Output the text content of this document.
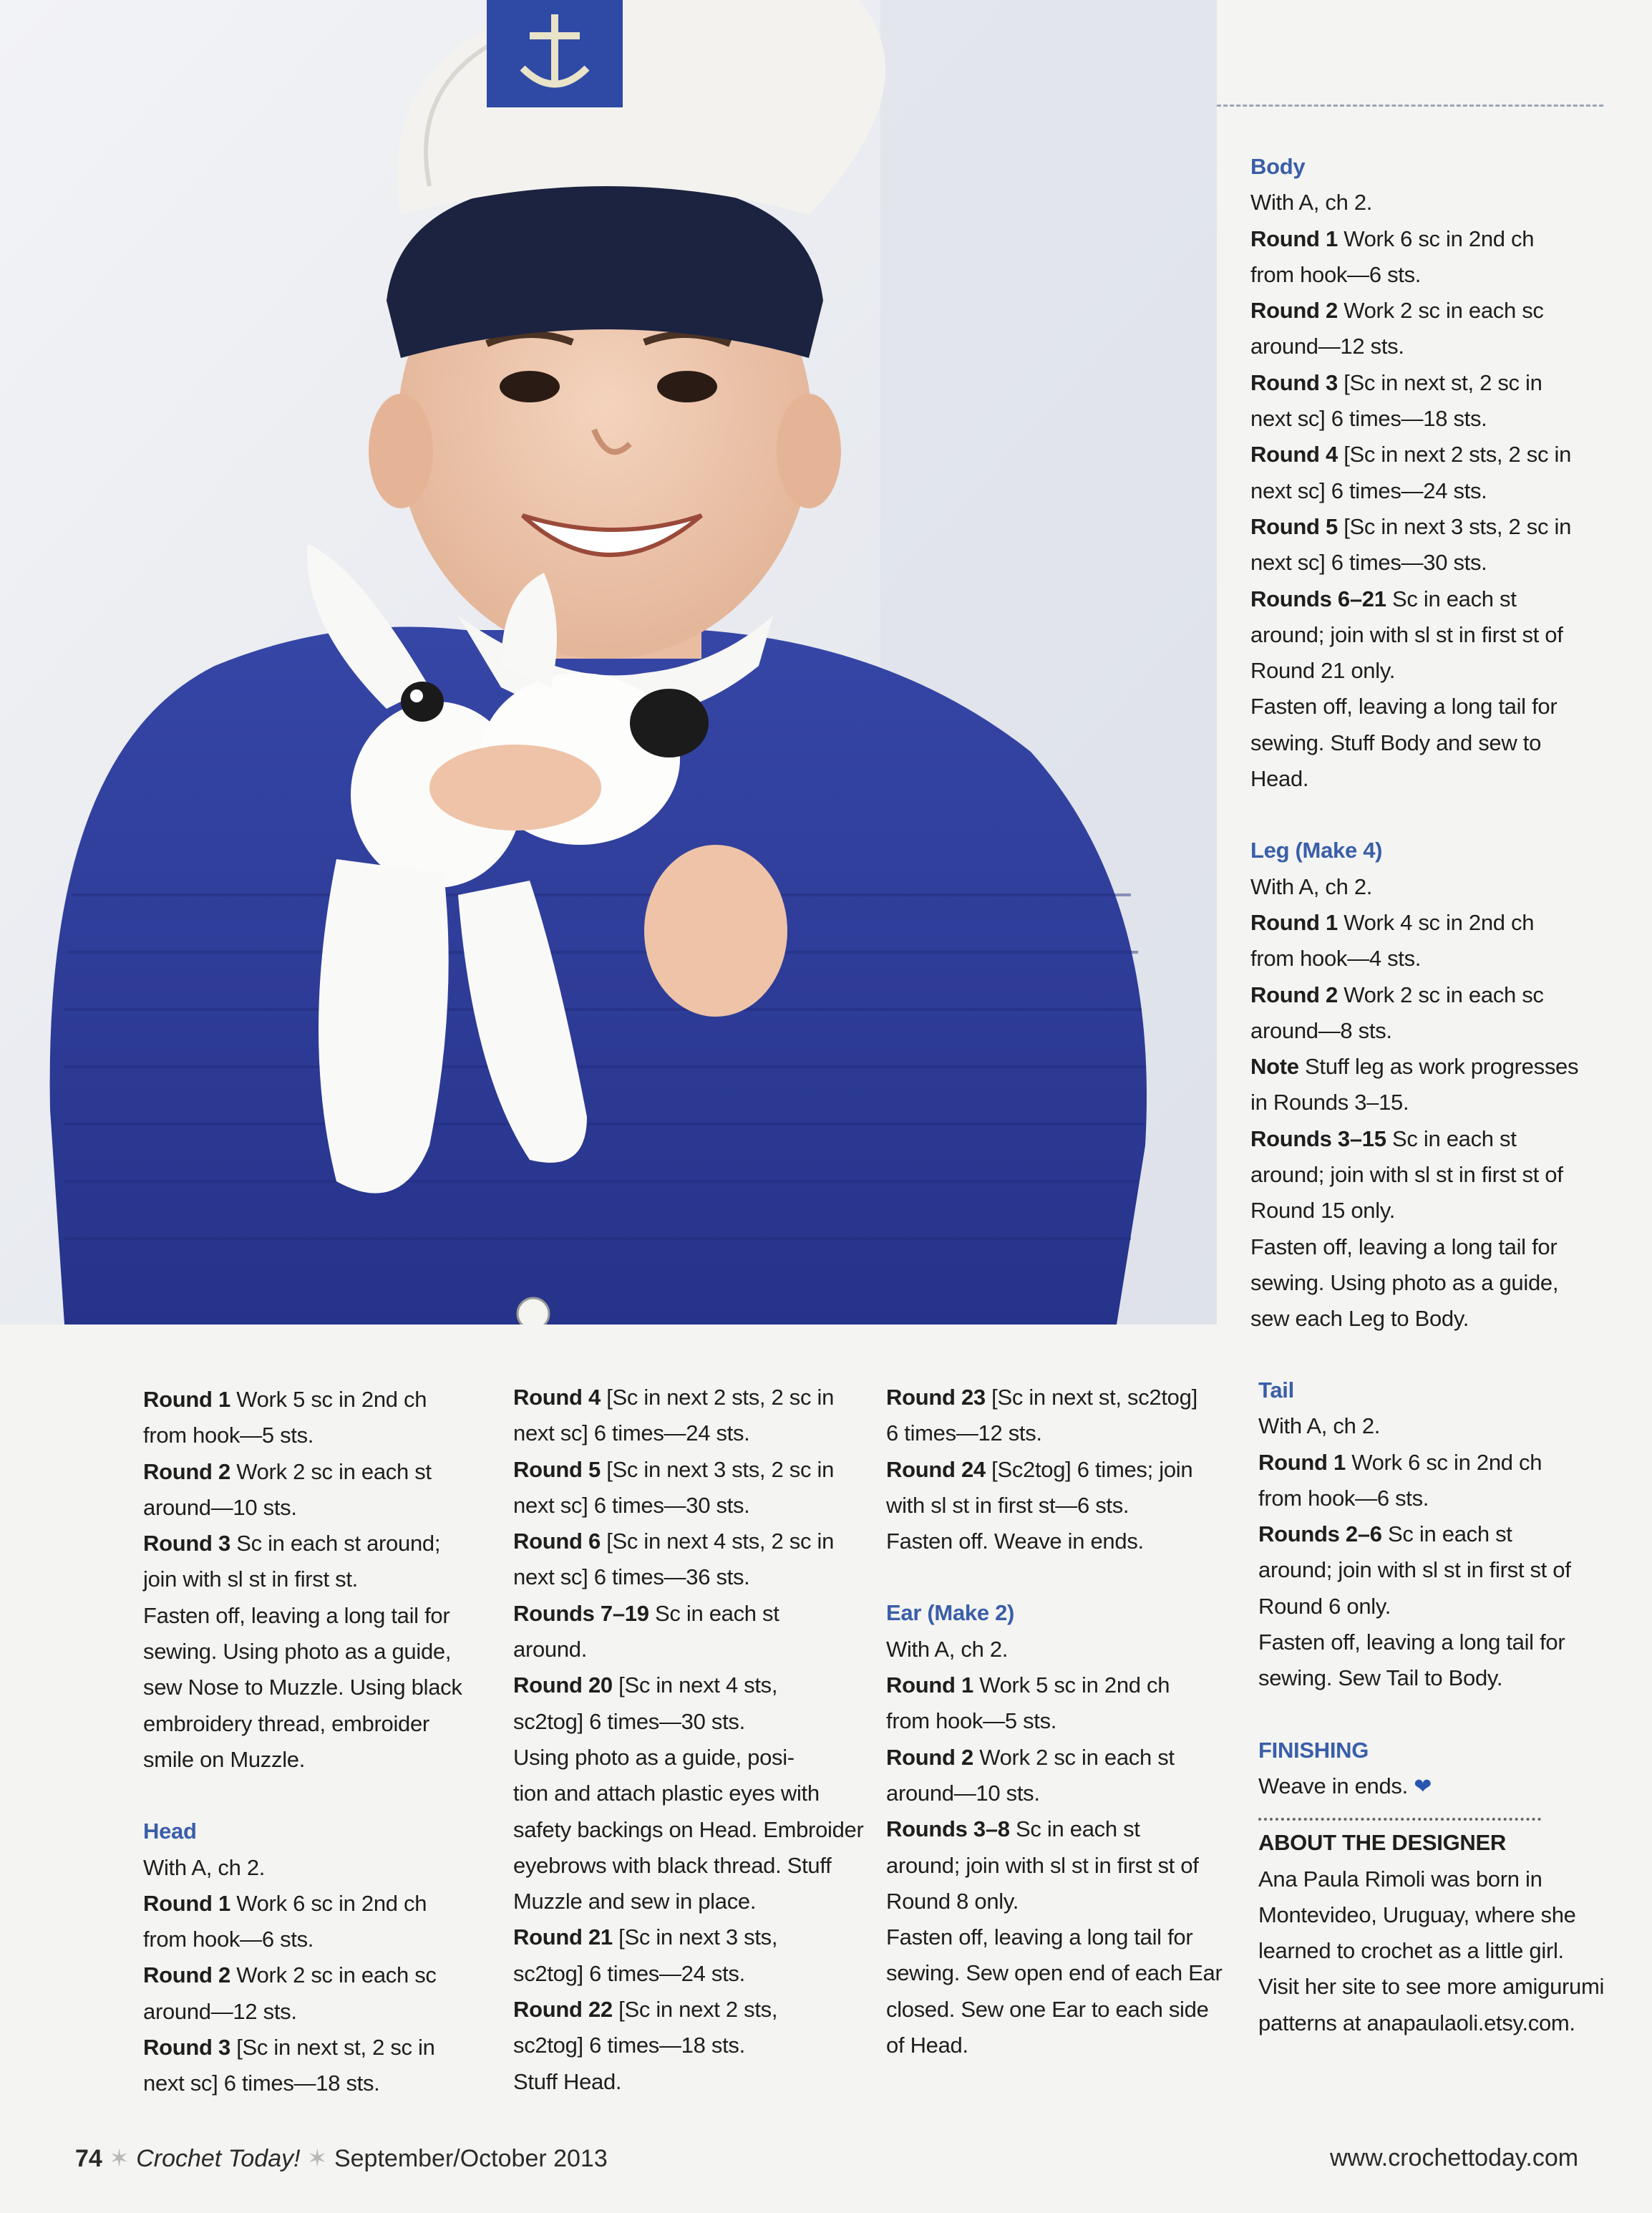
Body

With A, ch 2.

Round 1 Work 6 sc in 2nd ch

from hook—6 sts.

Round 2 Work 2 sc in each sc

around—12 sts.

Round 3 [Sc in next st, 2 sc in

next sc] 6 times—18 sts.

Round 4 [Sc in next 2 sts, 2 sc in

next sc] 6 times—24 sts.

Round 5 [Sc in next 3 sts, 2 sc in

next sc] 6 times—30 sts.

Rounds 6–21 Sc in each st

around; join with sl st in first st of

Round 21 only.

Fasten off, leaving a long tail for

sewing. Stuff Body and sew to

Head.

Leg (Make 4)

With A, ch 2.

Round 1 Work 4 sc in 2nd ch

from hook—4 sts.

Round 2 Work 2 sc in each sc

around—8 sts.

Note Stuff leg as work progresses

in Rounds 3–15.

Rounds 3–15 Sc in each st

around; join with sl st in first st of

Round 15 only.

Fasten off, leaving a long tail for

sewing. Using photo as a guide,

sew each Leg to Body.

Round 1 Work 5 sc in 2nd ch

from hook—5 sts.

Round 2 Work 2 sc in each st

around—10 sts.

Round 3 Sc in each st around;

join with sl st in first st.

Fasten off, leaving a long tail for

sewing. Using photo as a guide,

sew Nose to Muzzle. Using black

embroidery thread, embroider

smile on Muzzle.

Head

With A, ch 2.

Round 1 Work 6 sc in 2nd ch

from hook—6 sts.

Round 2 Work 2 sc in each sc

around—12 sts.

Round 3 [Sc in next st, 2 sc in

next sc] 6 times—18 sts.

Round 4 [Sc in next 2 sts, 2 sc in

next sc] 6 times—24 sts.

Round 5 [Sc in next 3 sts, 2 sc in

next sc] 6 times—30 sts.

Round 6 [Sc in next 4 sts, 2 sc in

next sc] 6 times—36 sts.

Rounds 7–19 Sc in each st

around.

Round 20 [Sc in next 4 sts,

sc2tog] 6 times—30 sts.

Using photo as a guide, posi-

tion and attach plastic eyes with

safety backings on Head. Embroider

eyebrows with black thread. Stuff

Muzzle and sew in place.

Round 21 [Sc in next 3 sts,

sc2tog] 6 times—24 sts.

Round 22 [Sc in next 2 sts,

sc2tog] 6 times—18 sts.

Stuff Head.

Round 23 [Sc in next st, sc2tog]

6 times—12 sts.

Round 24 [Sc2tog] 6 times; join

with sl st in first st—6 sts.

Fasten off. Weave in ends.

Ear (Make 2)

With A, ch 2.

Round 1 Work 5 sc in 2nd ch

from hook—5 sts.

Round 2 Work 2 sc in each st

around—10 sts.

Rounds 3–8 Sc in each st

around; join with sl st in first st of

Round 8 only.

Fasten off, leaving a long tail for

sewing. Sew open end of each Ear

closed. Sew one Ear to each side

of Head.

Tail

With A, ch 2.

Round 1 Work 6 sc in 2nd ch

from hook—6 sts.

Rounds 2–6 Sc in each st

around; join with sl st in first st of

Round 6 only.

Fasten off, leaving a long tail for

sewing. Sew Tail to Body.

FINISHING

Weave in ends. ❤

ABOUT THE DESIGNER

Ana Paula Rimoli was born in

Montevideo, Uruguay, where she

learned to crochet as a little girl.

Visit her site to see more amigurumi

patterns at anapaulaoli.etsy.com.

74 ✶ Crochet Today! ✶ September/October 2013	www.crochettoday.com
